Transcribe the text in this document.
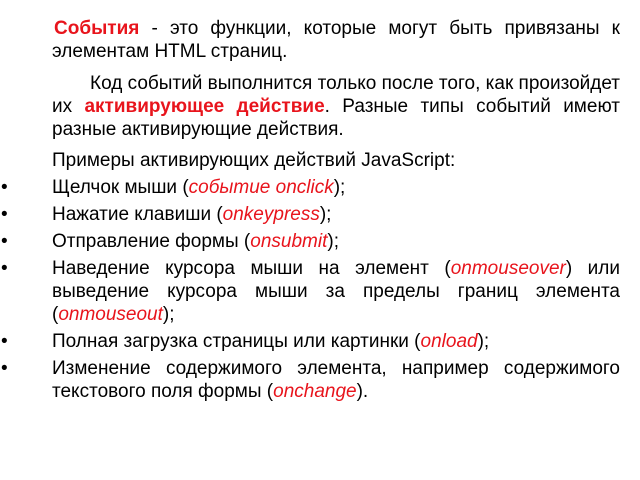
События - это функции, которые могут быть привязаны к элементам HTML страниц.

Код событий выполнится только после того, как произойдет их активирующее действие. Разные типы событий имеют разные активирующие действия.

Примеры активирующих действий JavaScript:

•	Щелчок мыши (событие onclick);
•	Нажатие клавиши (onkeypress);
•	Отправление формы (onsubmit);
•	Наведение курсора мыши на элемент (onmouseover) или выведение курсора мыши за пределы границ элемента (onmouseout);
•	Полная загрузка страницы или картинки (onload);
•	Изменение содержимого элемента, например содержимого текстового поля формы (onchange).
